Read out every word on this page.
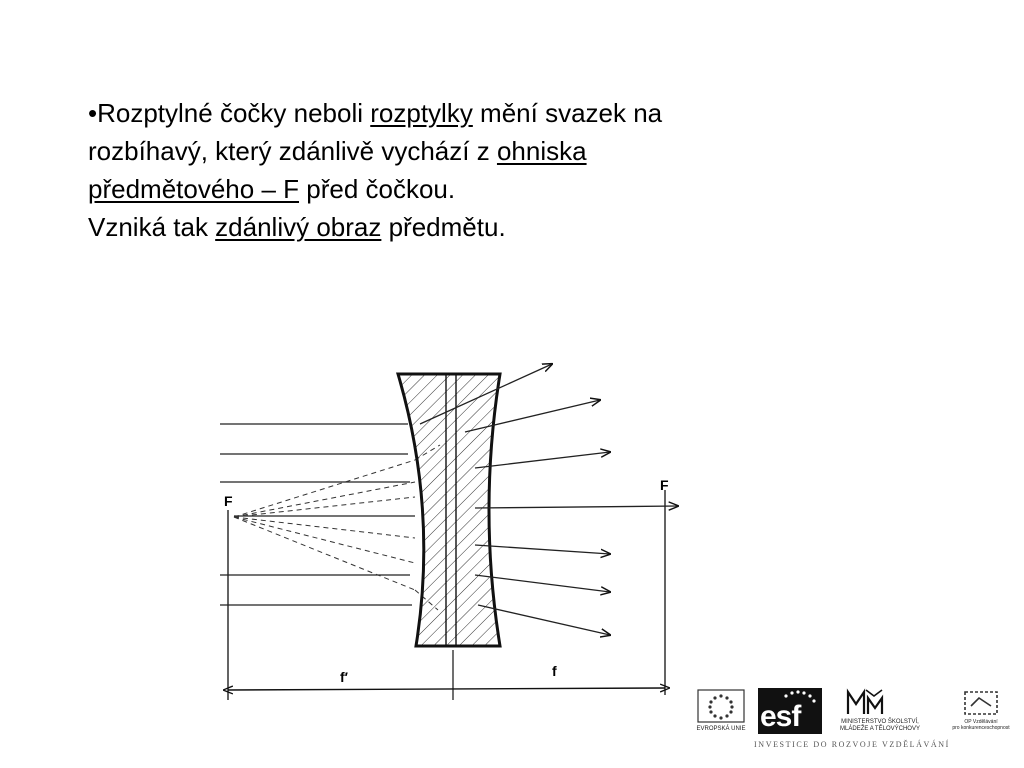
•Rozptylné čočky neboli rozptylky mění svazek na

rozbíhavý, který zdánlivě vychází z ohniska

předmětového – F před čočkou.

Vzniká tak zdánlivý obraz předmětu.

F
F
f′	f
EVROPSKÁ UNIE esf	MINISTERSTVO ŠKOLSTVÍ,
MLÁDEŽE A TĚLOVÝCHOVY
OP Vzdělávání
pro konkurenceschopnost
INVESTICE DO ROZVOJE VZDĚLÁVÁNÍ
